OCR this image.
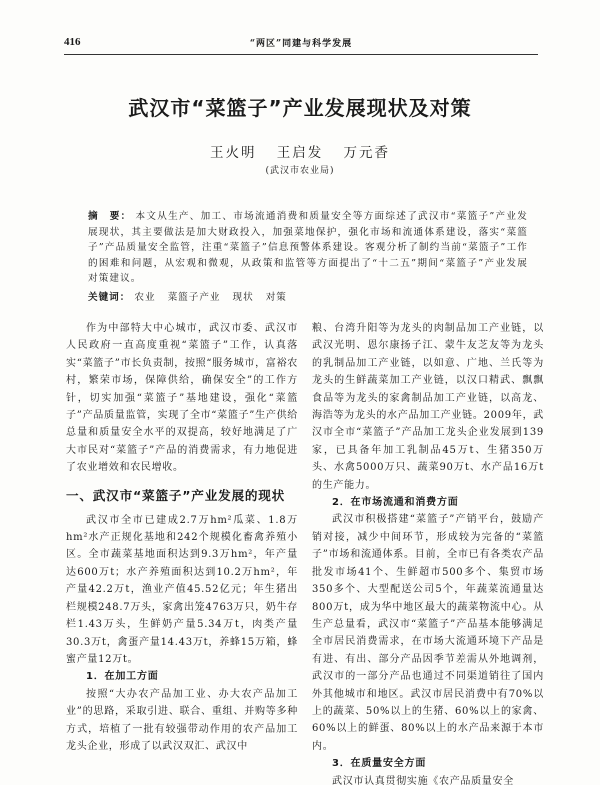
416	“两区”同建与科学发展
武汉市“菜篮子”产业发展现状及对策
王火明 王启发 万元香
(武汉市农业局)
摘　要： 本文从生产、加工、市场流通消费和质量安全等方面综述了武汉市“菜篮子”产业发展现状，其主要做法是加大财政投入，加强菜地保护，强化市场和流通体系建设，落实“菜篮子”产品质量安全监管，注重“菜篮子”信息预警体系建设。客观分析了制约当前“菜篮子”工作的困难和问题，从宏观和微观，从政策和监管等方面提出了“十二五”期间“菜篮子”产业发展对策建议。
关键词： 农业 菜篮子产业 现状 对策

作为中部特大中心城市，武汉市委、武汉市人民政府一直高度重视“菜篮子”工作，认真落实“菜篮子”市长负责制，按照“服务城市，富裕农村，繁荣市场，保障供给，确保安全”的工作方针，切实加强“菜篮子”基地建设，强化“菜篮子”产品质量监管，实现了全市“菜篮子”生产供给总量和质量安全水平的双提高，较好地满足了广大市民对“菜篮子”产品的消费需求，有力地促进了农业增效和农民增收。

一、武汉市“菜篮子”产业发展的现状

武汉市全市已建成2.7万hm²瓜菜、1.8万hm²水产正规化基地和242个规模化畜禽养殖小区。全市蔬菜基地面积达到9.3万hm²，年产量达600万t；水产养殖面积达到10.2万hm²，年产量42.2万t，渔业产值45.52亿元；年生猪出栏规模248.7万头，家禽出笼4763万只，奶牛存栏1.43万头，生鲜奶产量5.34万t，肉类产量30.3万t，禽蛋产量14.43万t，养蜂15万箱，蜂蜜产量12万t。

1．在加工方面

按照“大办农产品加工业、办大农产品加工业”的思路，采取引进、联合、重组、并购等多种方式，培植了一批有较强带动作用的农产品加工龙头企业，形成了以武汉双汇、武汉中

粮、台湾升阳等为龙头的肉制品加工产业链，以武汉光明、恩尔康扬子江、蒙牛友芝友等为龙头的乳制品加工产业链，以如意、广地、兰氏等为龙头的生鲜蔬菜加工产业链，以汉口精武、飘飘食品等为龙头的家禽制品加工产业链，以高龙、海浩等为龙头的水产品加工产业链。2009年，武汉市全市“菜篮子”产品加工龙头企业发展到139家，已具备年加工乳制品45万t、生猪350万头、水禽5000万只、蔬菜90万t、水产品16万t的生产能力。

2．在市场流通和消费方面

武汉市积极搭建“菜篮子”产销平台，鼓励产销对接，减少中间环节，形成较为完备的“菜篮子”市场和流通体系。目前，全市已有各类农产品批发市场41个、生鲜超市500多个、集贸市场350多个、大型配送公司5个，年蔬菜流通量达800万t，成为华中地区最大的蔬菜物流中心。从生产总量看，武汉市“菜篮子”产品基本能够满足全市居民消费需求，在市场大流通环境下产品是有进、有出、部分产品因季节差需从外地调剂，武汉市的一部分产品也通过不同渠道销往了国内外其他城市和地区。武汉市居民消费中有70%以上的蔬菜、50%以上的生猪、60%以上的家禽、60%以上的鲜蛋、80%以上的水产品来源于本市内。

3．在质量安全方面

武汉市认真贯彻实施《农产品质量安全
